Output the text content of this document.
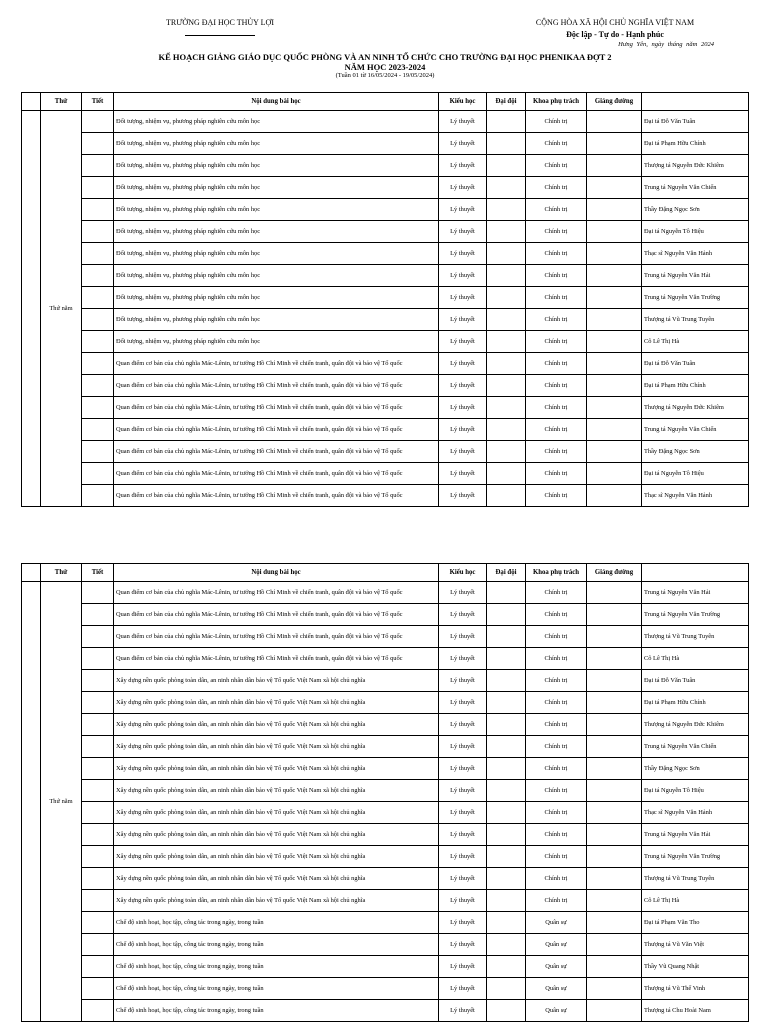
TRƯỜNG ĐẠI HỌC THỦY LỢI	CỘNG HÒA XÃ HỘI CHỦ NGHĨA VIỆT NAM
Độc lập - Tự do - Hạnh phúc
Hưng Yên, ngày tháng năm 2024
KẾ HOẠCH GIẢNG GIÁO DỤC QUỐC PHÒNG VÀ AN NINH TỔ CHỨC CHO TRƯỜNG ĐẠI HỌC PHENIKAA ĐỢT 2
NĂM HỌC 2023-2024
(Tuần 01 từ 16/05/2024 - 19/05/2024)
	Thứ	Tiết	Nội dung bài học	Kiểu học	Đại đội	Khoa phụ trách	Giảng đường	
	Thứ năm		Đối tượng, nhiệm vụ, phương pháp nghiên cứu môn học	Lý thuyết		Chính trị		Đại tá Đỗ Văn Tuân
			Đối tượng, nhiệm vụ, phương pháp nghiên cứu môn học	Lý thuyết		Chính trị		Đại tá Phạm Hữu Chính
			Đối tượng, nhiệm vụ, phương pháp nghiên cứu môn học	Lý thuyết		Chính trị		Thượng tá Nguyễn Đức Khiêm
			Đối tượng, nhiệm vụ, phương pháp nghiên cứu môn học	Lý thuyết		Chính trị		Trung tá Nguyễn Văn Chiến
			Đối tượng, nhiệm vụ, phương pháp nghiên cứu môn học	Lý thuyết		Chính trị		Thầy Đặng Ngọc Sơn
			Đối tượng, nhiệm vụ, phương pháp nghiên cứu môn học	Lý thuyết		Chính trị		Đại tá Nguyễn Tô Hiệu
			Đối tượng, nhiệm vụ, phương pháp nghiên cứu môn học	Lý thuyết		Chính trị		Thạc sĩ Nguyễn Văn Hảnh
			Đối tượng, nhiệm vụ, phương pháp nghiên cứu môn học	Lý thuyết		Chính trị		Trung tá Nguyễn Văn Hải
			Đối tượng, nhiệm vụ, phương pháp nghiên cứu môn học	Lý thuyết		Chính trị		Trung tá Nguyễn Văn Trường
			Đối tượng, nhiệm vụ, phương pháp nghiên cứu môn học	Lý thuyết		Chính trị		Thượng tá Vũ Trung Tuyên
			Đối tượng, nhiệm vụ, phương pháp nghiên cứu môn học	Lý thuyết		Chính trị		Cô Lê Thị Hà
			Quan điểm cơ bản của chủ nghĩa Mác-Lênin, tư tưởng Hồ Chí Minh về chiến tranh, quân đội và bảo vệ Tổ quốc	Lý thuyết		Chính trị		Đại tá Đỗ Văn Tuân
			Quan điểm cơ bản của chủ nghĩa Mác-Lênin, tư tưởng Hồ Chí Minh về chiến tranh, quân đội và bảo vệ Tổ quốc	Lý thuyết		Chính trị		Đại tá Phạm Hữu Chính
			Quan điểm cơ bản của chủ nghĩa Mác-Lênin, tư tưởng Hồ Chí Minh về chiến tranh, quân đội và bảo vệ Tổ quốc	Lý thuyết		Chính trị		Thượng tá Nguyễn Đức Khiêm
			Quan điểm cơ bản của chủ nghĩa Mác-Lênin, tư tưởng Hồ Chí Minh về chiến tranh, quân đội và bảo vệ Tổ quốc	Lý thuyết		Chính trị		Trung tá Nguyễn Văn Chiến
			Quan điểm cơ bản của chủ nghĩa Mác-Lênin, tư tưởng Hồ Chí Minh về chiến tranh, quân đội và bảo vệ Tổ quốc	Lý thuyết		Chính trị		Thầy Đặng Ngọc Sơn
			Quan điểm cơ bản của chủ nghĩa Mác-Lênin, tư tưởng Hồ Chí Minh về chiến tranh, quân đội và bảo vệ Tổ quốc	Lý thuyết		Chính trị		Đại tá Nguyễn Tô Hiệu
			Quan điểm cơ bản của chủ nghĩa Mác-Lênin, tư tưởng Hồ Chí Minh về chiến tranh, quân đội và bảo vệ Tổ quốc	Lý thuyết		Chính trị		Thạc sĩ Nguyễn Văn Hảnh
	Thứ	Tiết	Nội dung bài học	Kiểu học	Đại đội	Khoa phụ trách	Giảng đường	
	Thứ năm		Quan điểm cơ bản của chủ nghĩa Mác-Lênin, tư tưởng Hồ Chí Minh về chiến tranh, quân đội và bảo vệ Tổ quốc	Lý thuyết		Chính trị		Trung tá Nguyễn Văn Hải
			Quan điểm cơ bản của chủ nghĩa Mác-Lênin, tư tưởng Hồ Chí Minh về chiến tranh, quân đội và bảo vệ Tổ quốc	Lý thuyết		Chính trị		Trung tá Nguyễn Văn Trường
			Quan điểm cơ bản của chủ nghĩa Mác-Lênin, tư tưởng Hồ Chí Minh về chiến tranh, quân đội và bảo vệ Tổ quốc	Lý thuyết		Chính trị		Thượng tá Vũ Trung Tuyên
			Quan điểm cơ bản của chủ nghĩa Mác-Lênin, tư tưởng Hồ Chí Minh về chiến tranh, quân đội và bảo vệ Tổ quốc	Lý thuyết		Chính trị		Cô Lê Thị Hà
			Xây dựng nền quốc phòng toàn dân, an ninh nhân dân bảo vệ Tổ quốc Việt Nam xã hội chủ nghĩa	Lý thuyết		Chính trị		Đại tá Đỗ Văn Tuân
			Xây dựng nền quốc phòng toàn dân, an ninh nhân dân bảo vệ Tổ quốc Việt Nam xã hội chủ nghĩa	Lý thuyết		Chính trị		Đại tá Phạm Hữu Chính
			Xây dựng nền quốc phòng toàn dân, an ninh nhân dân bảo vệ Tổ quốc Việt Nam xã hội chủ nghĩa	Lý thuyết		Chính trị		Thượng tá Nguyễn Đức Khiêm
			Xây dựng nền quốc phòng toàn dân, an ninh nhân dân bảo vệ Tổ quốc Việt Nam xã hội chủ nghĩa	Lý thuyết		Chính trị		Trung tá Nguyễn Văn Chiến
			Xây dựng nền quốc phòng toàn dân, an ninh nhân dân bảo vệ Tổ quốc Việt Nam xã hội chủ nghĩa	Lý thuyết		Chính trị		Thầy Đặng Ngọc Sơn
			Xây dựng nền quốc phòng toàn dân, an ninh nhân dân bảo vệ Tổ quốc Việt Nam xã hội chủ nghĩa	Lý thuyết		Chính trị		Đại tá Nguyễn Tô Hiệu
			Xây dựng nền quốc phòng toàn dân, an ninh nhân dân bảo vệ Tổ quốc Việt Nam xã hội chủ nghĩa	Lý thuyết		Chính trị		Thạc sĩ Nguyễn Văn Hảnh
			Xây dựng nền quốc phòng toàn dân, an ninh nhân dân bảo vệ Tổ quốc Việt Nam xã hội chủ nghĩa	Lý thuyết		Chính trị		Trung tá Nguyễn Văn Hải
			Xây dựng nền quốc phòng toàn dân, an ninh nhân dân bảo vệ Tổ quốc Việt Nam xã hội chủ nghĩa	Lý thuyết		Chính trị		Trung tá Nguyễn Văn Trường
			Xây dựng nền quốc phòng toàn dân, an ninh nhân dân bảo vệ Tổ quốc Việt Nam xã hội chủ nghĩa	Lý thuyết		Chính trị		Thượng tá Vũ Trung Tuyên
			Xây dựng nền quốc phòng toàn dân, an ninh nhân dân bảo vệ Tổ quốc Việt Nam xã hội chủ nghĩa	Lý thuyết		Chính trị		Cô Lê Thị Hà
			Chế độ sinh hoạt, học tập, công tác trong ngày, trong tuần	Lý thuyết		Quân sự		Đại tá Phạm Văn Tho
			Chế độ sinh hoạt, học tập, công tác trong ngày, trong tuần	Lý thuyết		Quân sự		Thượng tá Vũ Văn Việt
			Chế độ sinh hoạt, học tập, công tác trong ngày, trong tuần	Lý thuyết		Quân sự		Thầy Vũ Quang Nhật
			Chế độ sinh hoạt, học tập, công tác trong ngày, trong tuần	Lý thuyết		Quân sự		Thượng tá Vũ Thế Vinh
			Chế độ sinh hoạt, học tập, công tác trong ngày, trong tuần	Lý thuyết		Quân sự		Thượng tá Chu Hoài Nam
